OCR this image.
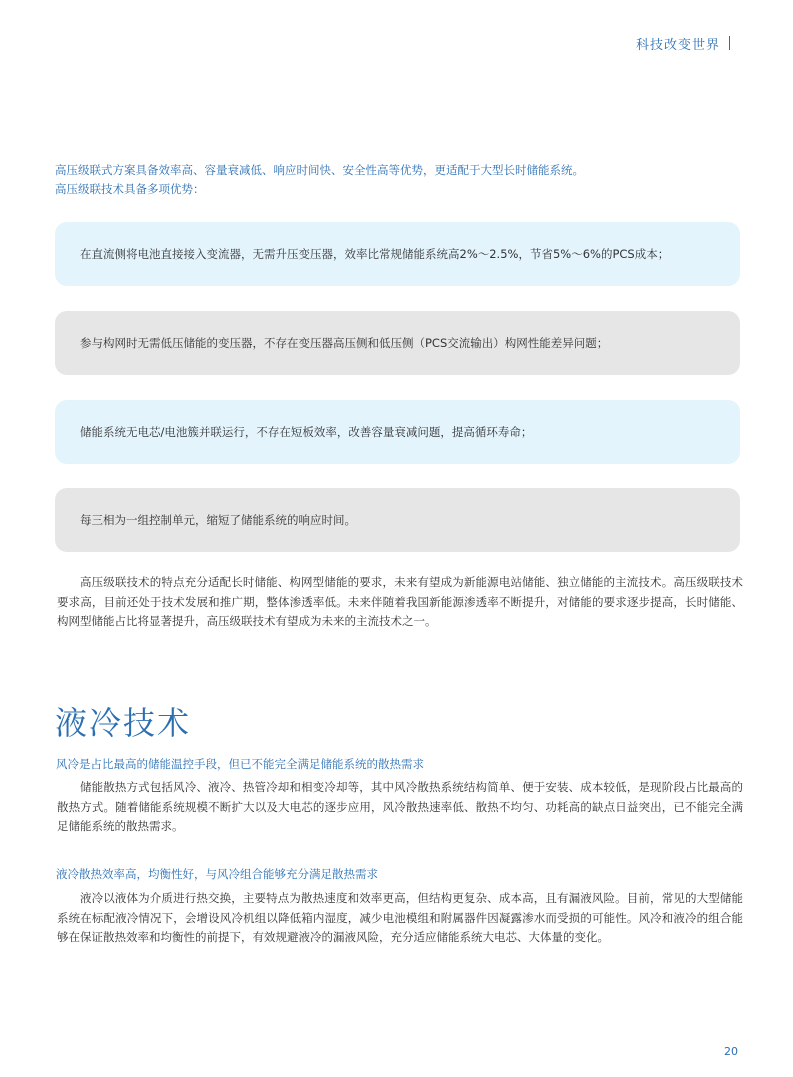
科技改变世界
高压级联式方案具备效率高、容量衰减低、响应时间快、安全性高等优势，更适配于大型长时储能系统。
高压级联技术具备多项优势：
在直流侧将电池直接接入变流器，无需升压变压器，效率比常规储能系统高2%～2.5%，节省5%～6%的PCS成本；
参与构网时无需低压储能的变压器，不存在变压器高压侧和低压侧（PCS交流输出）构网性能差异问题；
储能系统无电芯/电池簇并联运行，不存在短板效率，改善容量衰减问题，提高循环寿命；
每三相为一组控制单元，缩短了储能系统的响应时间。

高压级联技术的特点充分适配长时储能、构网型储能的要求，未来有望成为新能源电站储能、独立储能的主流技术。高压级联技术要求高，目前还处于技术发展和推广期，整体渗透率低。未来伴随着我国新能源渗透率不断提升，对储能的要求逐步提高，长时储能、构网型储能占比将显著提升，高压级联技术有望成为未来的主流技术之一。

液冷技术
风冷是占比最高的储能温控手段，但已不能完全满足储能系统的散热需求

储能散热方式包括风冷、液冷、热管冷却和相变冷却等，其中风冷散热系统结构简单、便于安装、成本较低，是现阶段占比最高的散热方式。随着储能系统规模不断扩大以及大电芯的逐步应用，风冷散热速率低、散热不均匀、功耗高的缺点日益突出，已不能完全满足储能系统的散热需求。

液冷散热效率高，均衡性好，与风冷组合能够充分满足散热需求

液冷以液体为介质进行热交换，主要特点为散热速度和效率更高，但结构更复杂、成本高，且有漏液风险。目前，常见的大型储能系统在标配液冷情况下，会增设风冷机组以降低箱内湿度，减少电池模组和附属器件因凝露渗水而受损的可能性。风冷和液冷的组合能够在保证散热效率和均衡性的前提下，有效规避液冷的漏液风险，充分适应储能系统大电芯、大体量的变化。

20
